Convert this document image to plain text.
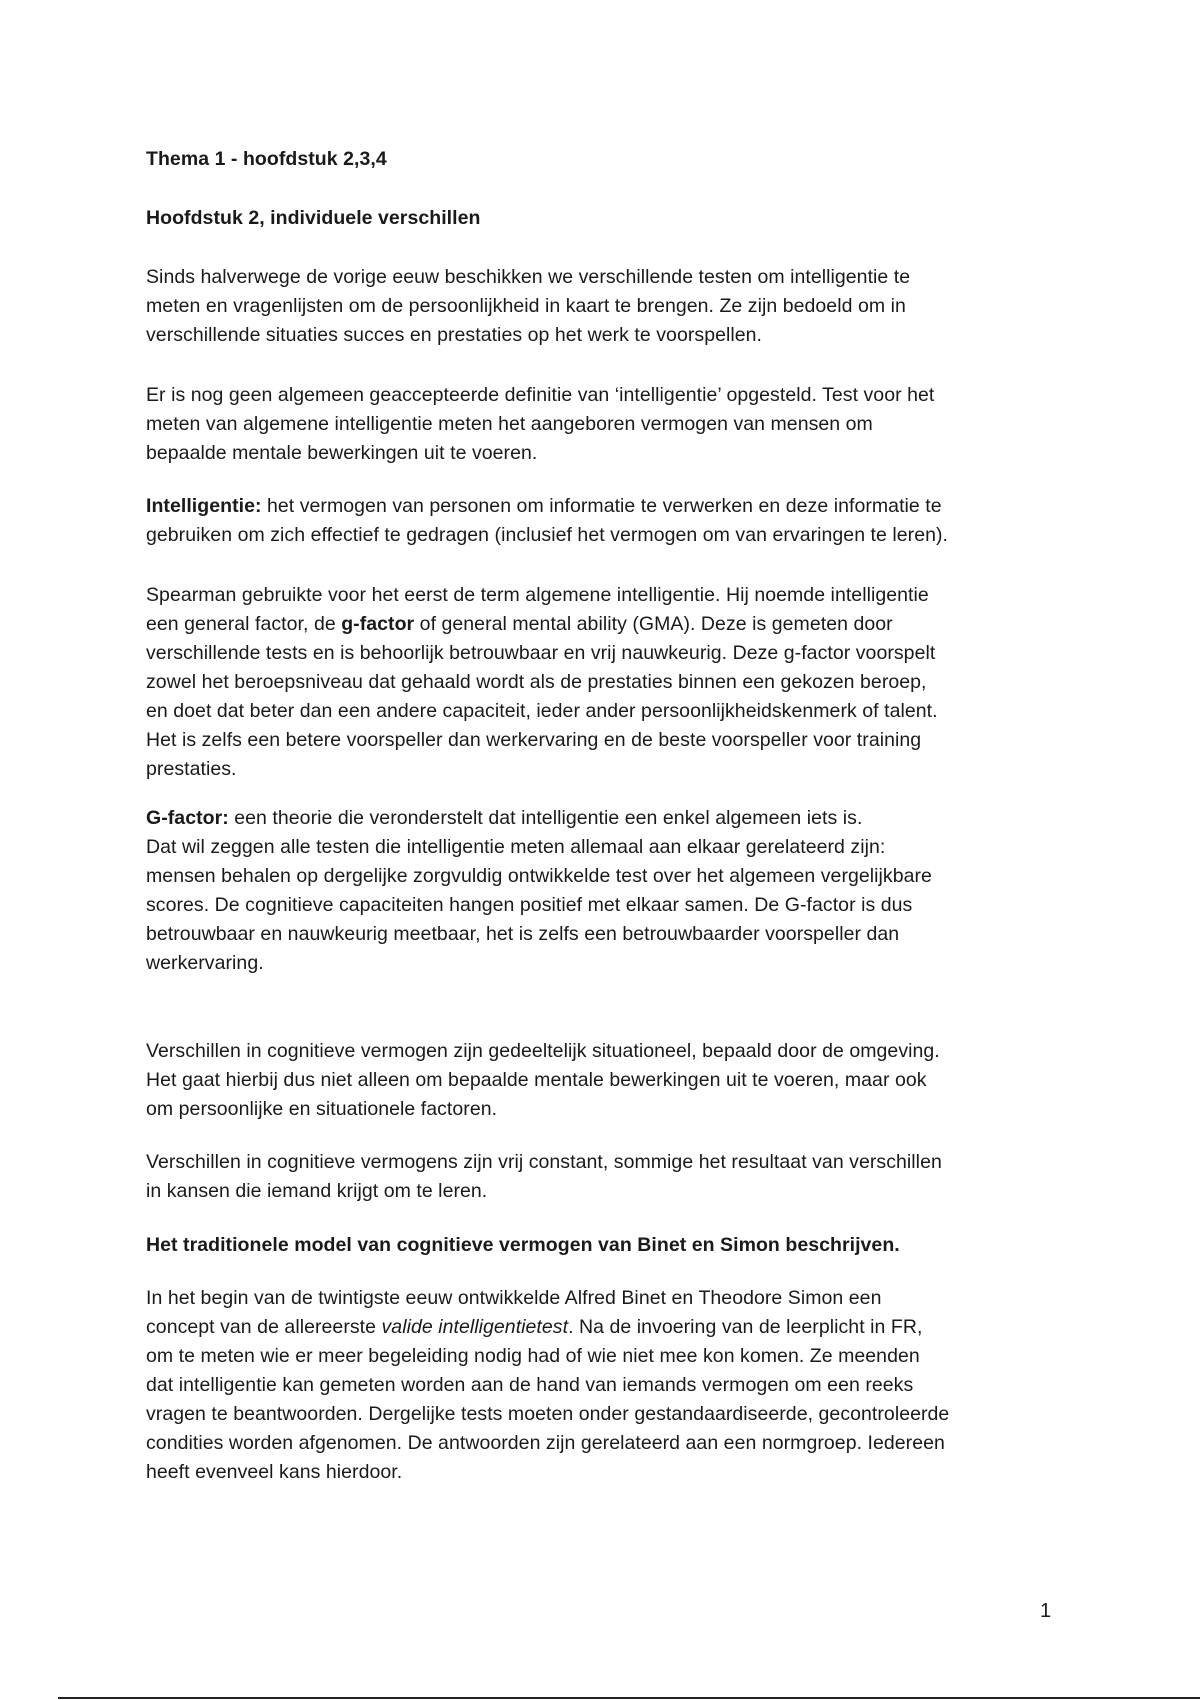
Thema 1 - hoofdstuk 2,3,4
Hoofdstuk 2, individuele verschillen
Sinds halverwege de vorige eeuw beschikken we verschillende testen om intelligentie te
meten en vragenlijsten om de persoonlijkheid in kaart te brengen. Ze zijn bedoeld om in
verschillende situaties succes en prestaties op het werk te voorspellen.
Er is nog geen algemeen geaccepteerde definitie van ‘intelligentie’ opgesteld. Test voor het
meten van algemene intelligentie meten het aangeboren vermogen van mensen om
bepaalde mentale bewerkingen uit te voeren.
Intelligentie: het vermogen van personen om informatie te verwerken en deze informatie te
gebruiken om zich effectief te gedragen (inclusief het vermogen om van ervaringen te leren).
Spearman gebruikte voor het eerst de term algemene intelligentie. Hij noemde intelligentie
een general factor, de g-factor of general mental ability (GMA). Deze is gemeten door
verschillende tests en is behoorlijk betrouwbaar en vrij nauwkeurig. Deze g-factor voorspelt
zowel het beroepsniveau dat gehaald wordt als de prestaties binnen een gekozen beroep,
en doet dat beter dan een andere capaciteit, ieder ander persoonlijkheidskenmerk of talent.
Het is zelfs een betere voorspeller dan werkervaring en de beste voorspeller voor training
prestaties.
G-factor: een theorie die veronderstelt dat intelligentie een enkel algemeen iets is.
Dat wil zeggen alle testen die intelligentie meten allemaal aan elkaar gerelateerd zijn:
mensen behalen op dergelijke zorgvuldig ontwikkelde test over het algemeen vergelijkbare
scores. De cognitieve capaciteiten hangen positief met elkaar samen. De G-factor is dus
betrouwbaar en nauwkeurig meetbaar, het is zelfs een betrouwbaarder voorspeller dan
werkervaring.
Verschillen in cognitieve vermogen zijn gedeeltelijk situationeel, bepaald door de omgeving.
Het gaat hierbij dus niet alleen om bepaalde mentale bewerkingen uit te voeren, maar ook
om persoonlijke en situationele factoren.
Verschillen in cognitieve vermogens zijn vrij constant, sommige het resultaat van verschillen
in kansen die iemand krijgt om te leren.
Het traditionele model van cognitieve vermogen van Binet en Simon beschrijven.
In het begin van de twintigste eeuw ontwikkelde Alfred Binet en Theodore Simon een
concept van de allereerste valide intelligentietest. Na de invoering van de leerplicht in FR,
om te meten wie er meer begeleiding nodig had of wie niet mee kon komen. Ze meenden
dat intelligentie kan gemeten worden aan de hand van iemands vermogen om een reeks
vragen te beantwoorden. Dergelijke tests moeten onder gestandaardiseerde, gecontroleerde
condities worden afgenomen. De antwoorden zijn gerelateerd aan een normgroep. Iedereen
heeft evenveel kans hierdoor.
1
